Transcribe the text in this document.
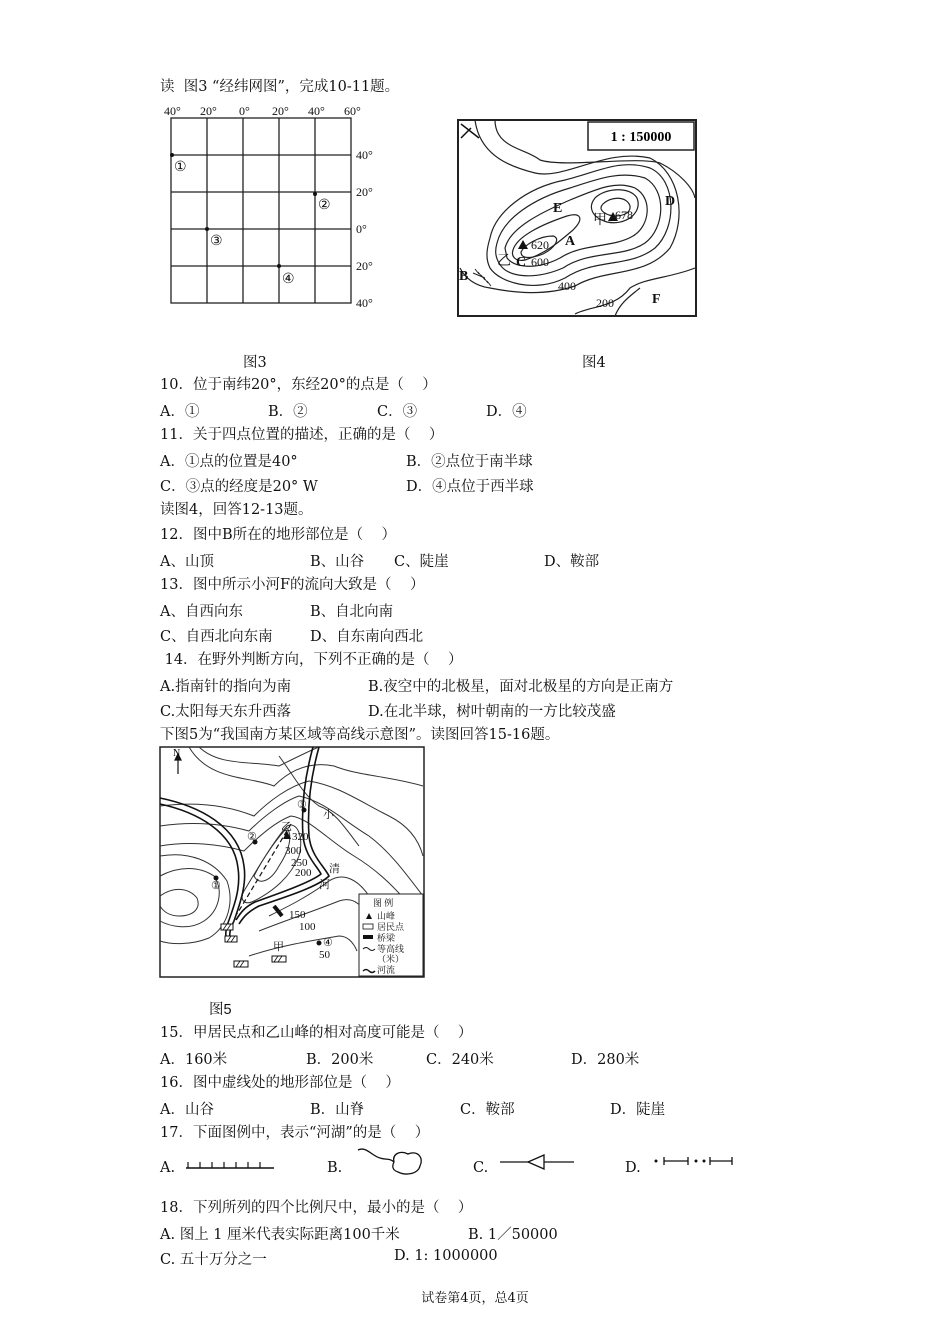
读  图3 “经纬网图”，完成10-11题。
40° 20° 0° 20° 40° 60°
40°
20°
0°
20°
40°
①
②
③
④
1 : 150000
甲 678
620
乙 C 600
A
B
E	D
F
400
200
图3	图4
10．位于南纬20°，东经20°的点是（    ）
A．①	B．②	C．③	D．④
11．关于四点位置的描述，正确的是（    ）
A．①点的位置是40°	B．②点位于南半球
C．③点的经度是20° W	D．④点位于西半球
读图4，回答12-13题。
12．图中B所在的地形部位是（    ）
A、山顶	B、山谷 C、陡崖	D、鞍部
13．图中所示小河F的流向大致是（    ）
A、自西向东	B、自北向南
C、自西北向东南	D、自东南向西北
14．在野外判断方向，下列不正确的是（    ）
A.指南针的指向为南	B.夜空中的北极星，面对北极星的方向是正南方
C.太阳每天东升西落	D.在北半球，树叶朝南的一方比较茂盛
下图5为“我国南方某区域等高线示意图”。读图回答15-16题。
N
①
②
③
④
乙
320
300
250
200
150
100
50
甲
小
清
河
图 例
山峰
居民点
桥梁
等高线
（米）
河流
图5
15．甲居民点和乙山峰的相对高度可能是（    ）
A．160米	B．200米	C．240米	D．280米
16．图中虚线处的地形部位是（    ）
A．山谷	B．山脊	C．鞍部	D．陡崖
17．下面图例中，表示“河湖”的是（    ）
A.	B.	C.	D.
18．下列所列的四个比例尺中，最小的是（    ）
A. 图上 1 厘米代表实际距离100千米	B. 1／50000
C. 五十万分之一	D. 1: 1000000
试卷第4页，总4页
